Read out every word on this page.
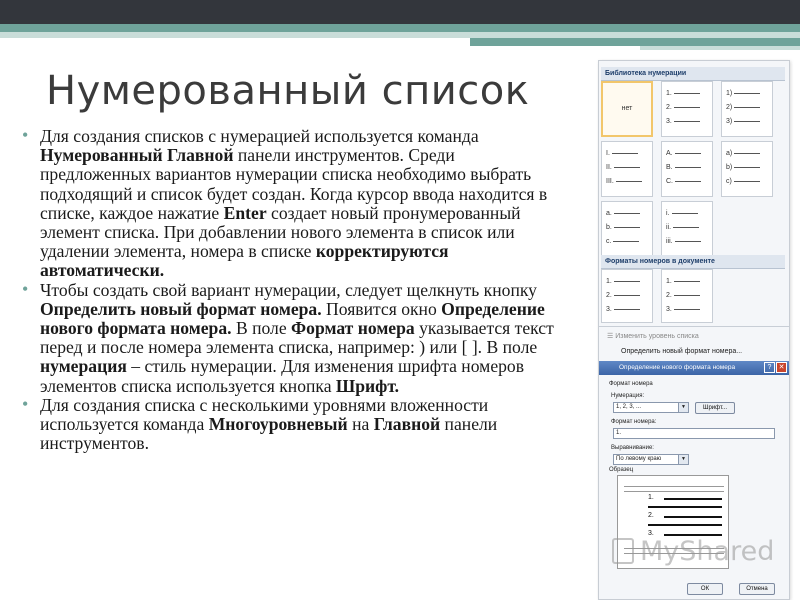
Нумерованный список
• Для создания списков с нумерацией используется команда Нумерованный Главной панели инструментов. Среди предложенных вариантов нумерации списка необходимо выбрать подходящий и список будет создан. Когда курсор ввода находится в списке, каждое нажатие Enter создает новый пронумерованный элемент списка. При добавлении нового элемента в список или удалении элемента, номера в списке корректируются автоматически.
• Чтобы создать свой вариант нумерации, следует щелкнуть кнопку Определить новый формат номера. Появится окно Определение нового формата номера. В поле Формат номера указывается текст перед и после номера элемента списка, например: ) или [ ]. В поле нумерация – стиль нумерации. Для изменения шрифта номеров элементов списка используется кнопка Шрифт.
• Для создания списка с несколькими уровнями вложенности используется команда Многоуровневый на Главной панели инструментов.
Библиотека нумерации
нет
1.
2.
3.
1)
2)
3)
I.
II.
III.
A.
B.
C.
a)
b)
c)
a.
b.
c.
i.
ii.
iii.
Форматы номеров в документе
1.
2.
3.
1.
2.
3.
☰ Изменить уровень списка
Определить новый формат номера...
Определение нового формата номера	?	✕
Формат номера
Нумерация:
1, 2, 3, ...	▼	Шрифт...
Формат номера:
1.
Выравнивание:
По левому краю	▼
Образец
1.
2.
3.
ОК	Отмена
MyShared
